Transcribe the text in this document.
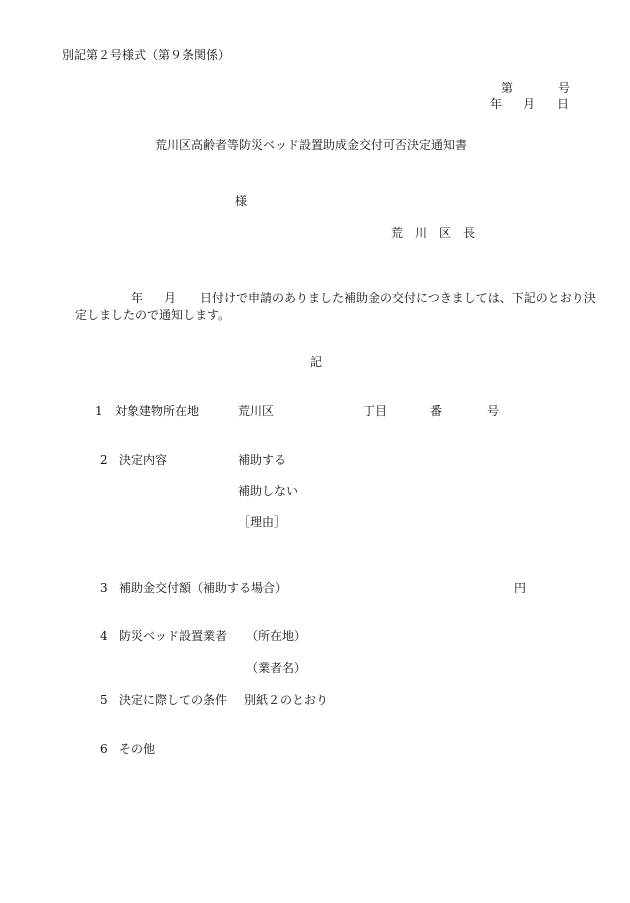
別記第２号様式（第９条関係）
第	号
年 月 日
荒川区高齢者等防災ベッド設置助成金交付可否決定通知書
様
荒　川　区　長
年 月 日付けで申請のありました補助金の交付につきましては、下記のとおり決
定しましたので通知します。
記
1 対象建物所在地	荒川区	丁目	番	号
2 決定内容	補助する
補助しない
［理由］
3 補助金交付額（補助する場合）	円
4 防災ベッド設置業者 （所在地）
（業者名）
5 決定に際しての条件 別紙２のとおり
6 その他
